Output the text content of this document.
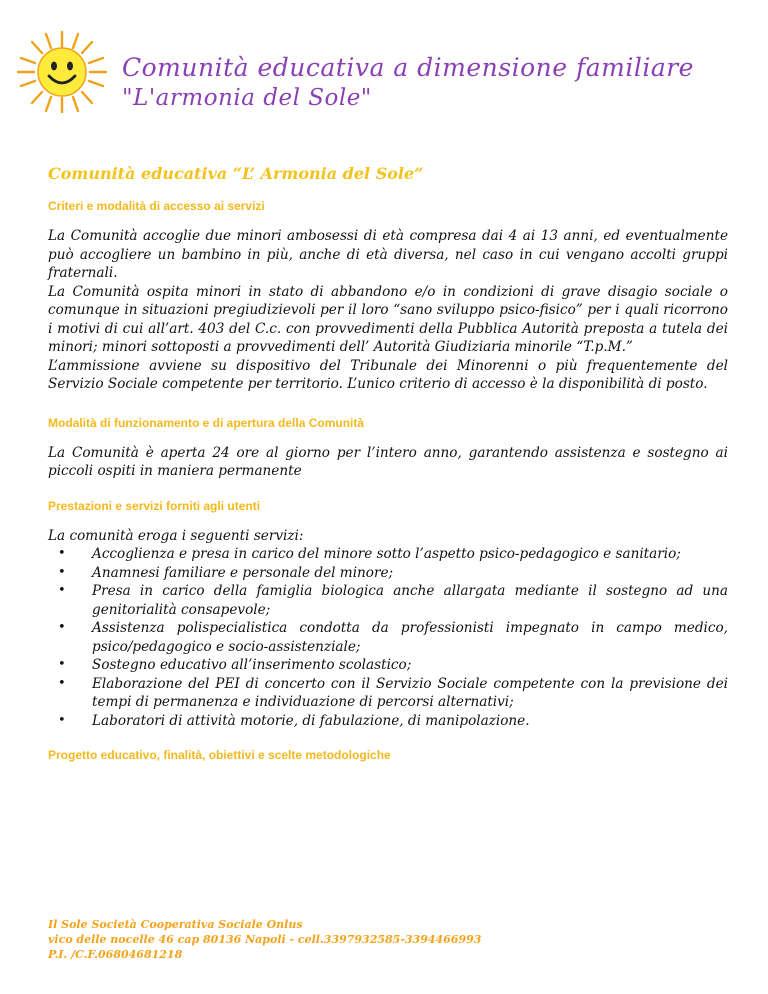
Comunità educativa a dimensione familiare

"L'armonia del Sole"

Comunità educativa “L’ Armonia del Sole”
Criteri e modalità di accesso ai servizi

La Comunità accoglie due minori ambosessi di età compresa dai 4 ai 13 anni, ed eventualmente può accogliere un bambino in più, anche di età diversa, nel caso in cui vengano accolti gruppi fraternali.

La Comunità ospita minori in stato di abbandono e/o in condizioni di grave disagio sociale o comunque in situazioni pregiudizievoli per il loro “sano sviluppo psico-fisico” per i quali ricorrono i motivi di cui all’art. 403 del C.c. con provvedimenti della Pubblica Autorità preposta a tutela dei minori; minori sottoposti a provvedimenti dell’ Autorità Giudiziaria minorile “T.p.M.”

L’ammissione avviene su dispositivo del Tribunale dei Minorenni o più frequentemente del Servizio Sociale competente per territorio. L’unico criterio di accesso è la disponibilità di posto.

Modalità di funzionamento e di apertura della Comunità

La Comunità è aperta 24 ore al giorno per l’intero anno, garantendo assistenza e sostegno ai piccoli ospiti in maniera permanente

Prestazioni e servizi forniti agli utenti

La comunità eroga i seguenti servizi:

• Accoglienza e presa in carico del minore sotto l’aspetto psico-pedagogico e sanitario;
• Anamnesi familiare e personale del minore;
• Presa in carico della famiglia biologica anche allargata mediante il sostegno ad una genitorialità consapevole;
• Assistenza polispecialistica condotta da professionisti impegnato in campo medico, psico/pedagogico e socio-assistenziale;
• Sostegno educativo all’inserimento scolastico;
• Elaborazione del PEI di concerto con il Servizio Sociale competente con la previsione dei tempi di permanenza e individuazione di percorsi alternativi;
• Laboratori di attività motorie, di fabulazione, di manipolazione.
Progetto educativo, finalità, obiettivi e scelte metodologiche
Il Sole Società Cooperativa Sociale Onlus
vico delle nocelle 46 cap 80136 Napoli - cell.3397932585-3394466993
P.I. /C.F.06804681218
